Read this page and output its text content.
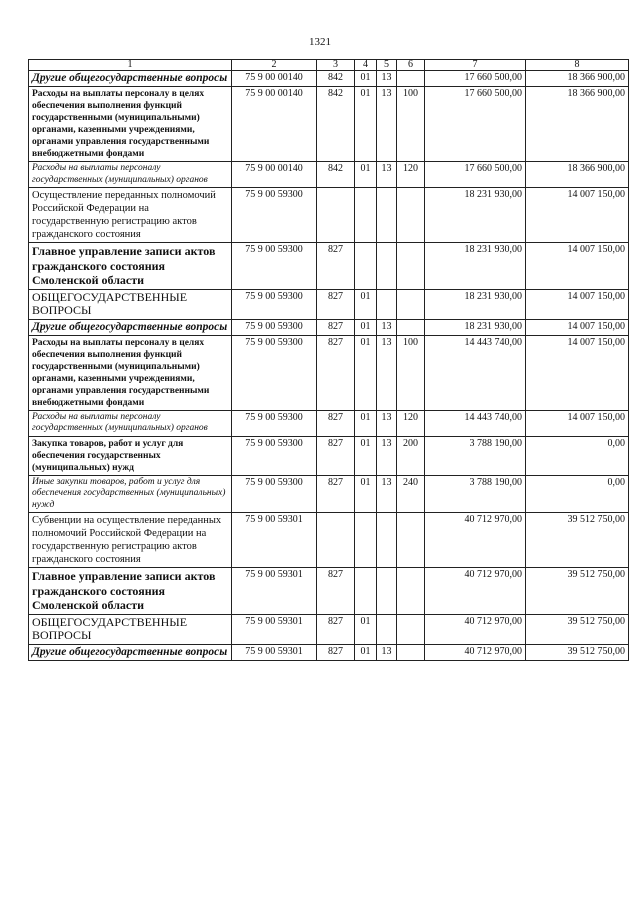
1321
1	2	3	4	5	6	7	8
Другие общегосударственные вопросы	75 9 00 00140	842	01	13		17 660 500,00	18 366 900,00
Расходы на выплаты персоналу в целях обеспечения выполнения функций государственными (муниципальными) органами, казенными учреждениями, органами управления государственными внебюджетными фондами	75 9 00 00140	842	01	13	100	17 660 500,00	18 366 900,00
Расходы на выплаты персоналу государственных (муниципальных) органов	75 9 00 00140	842	01	13	120	17 660 500,00	18 366 900,00
Осуществление переданных полномочий Российской Федерации на государственную регистрацию актов гражданского состояния	75 9 00 59300					18 231 930,00	14 007 150,00
Главное управление записи актов гражданского состояния Смоленской области	75 9 00 59300	827				18 231 930,00	14 007 150,00
ОБЩЕГОСУДАРСТВЕННЫЕ ВОПРОСЫ	75 9 00 59300	827	01			18 231 930,00	14 007 150,00
Другие общегосударственные вопросы	75 9 00 59300	827	01	13		18 231 930,00	14 007 150,00
Расходы на выплаты персоналу в целях обеспечения выполнения функций государственными (муниципальными) органами, казенными учреждениями, органами управления государственными внебюджетными фондами	75 9 00 59300	827	01	13	100	14 443 740,00	14 007 150,00
Расходы на выплаты персоналу государственных (муниципальных) органов	75 9 00 59300	827	01	13	120	14 443 740,00	14 007 150,00
Закупка товаров, работ и услуг для обеспечения государственных (муниципальных) нужд	75 9 00 59300	827	01	13	200	3 788 190,00	0,00
Иные закупки товаров, работ и услуг для обеспечения государственных (муниципальных) нужд	75 9 00 59300	827	01	13	240	3 788 190,00	0,00
Субвенции на осуществление переданных полномочий Российской Федерации на государственную регистрацию актов гражданского состояния	75 9 00 59301					40 712 970,00	39 512 750,00
Главное управление записи актов гражданского состояния Смоленской области	75 9 00 59301	827				40 712 970,00	39 512 750,00
ОБЩЕГОСУДАРСТВЕННЫЕ ВОПРОСЫ	75 9 00 59301	827	01			40 712 970,00	39 512 750,00
Другие общегосударственные вопросы	75 9 00 59301	827	01	13		40 712 970,00	39 512 750,00
